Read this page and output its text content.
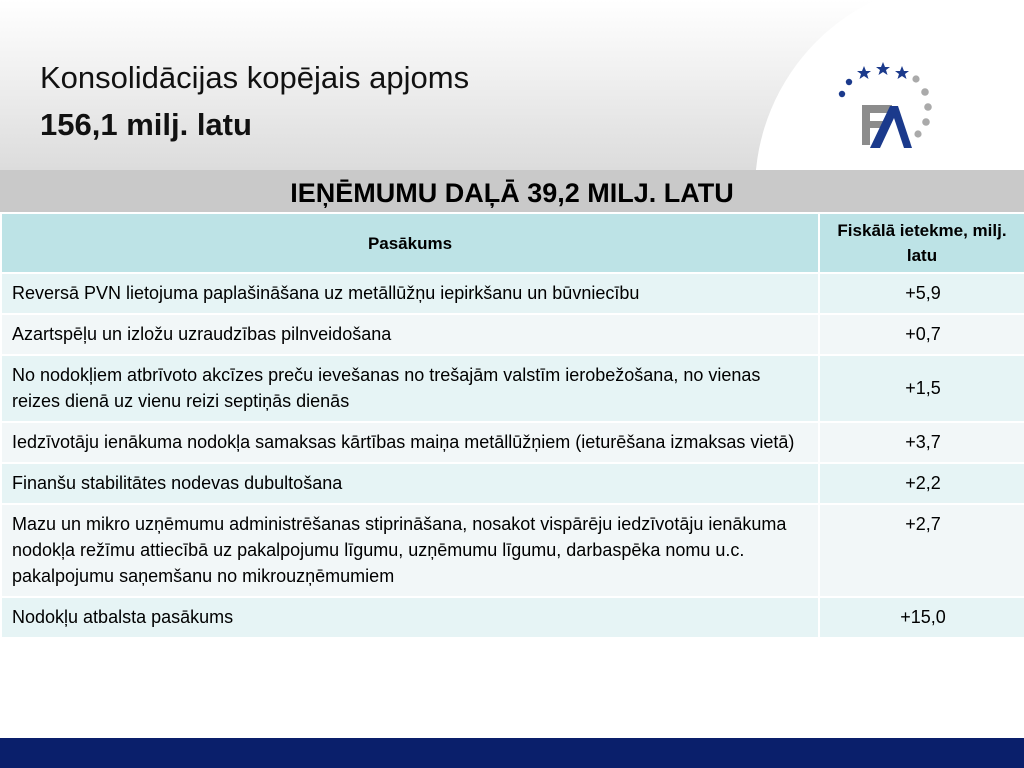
Konsolidācijas kopējais apjoms
156,1 milj. latu
IEŅĒMUMU DAĻĀ 39,2 MILJ. LATU
Pasākums	Fiskālā ietekme, milj. latu
Reversā PVN lietojuma paplašināšana uz metāllūžņu iepirkšanu un būvniecību	+5,9
Azartspēļu un izložu uzraudzības pilnveidošana	+0,7
No nodokļiem atbrīvoto akcīzes preču ievešanas no trešajām valstīm ierobežošana, no vienas reizes dienā uz vienu reizi septiņās dienās	+1,5
Iedzīvotāju ienākuma nodokļa samaksas kārtības maiņa metāllūžņiem (ieturēšana izmaksas vietā)	+3,7
Finanšu stabilitātes nodevas dubultošana	+2,2
Mazu un mikro uzņēmumu administrēšanas stiprināšana, nosakot vispārēju iedzīvotāju ienākuma nodokļa režīmu attiecībā uz pakalpojumu līgumu, uzņēmumu līgumu, darbaspēka nomu u.c. pakalpojumu saņemšanu no mikrouzņēmumiem	+2,7
Nodokļu atbalsta pasākums	+15,0
